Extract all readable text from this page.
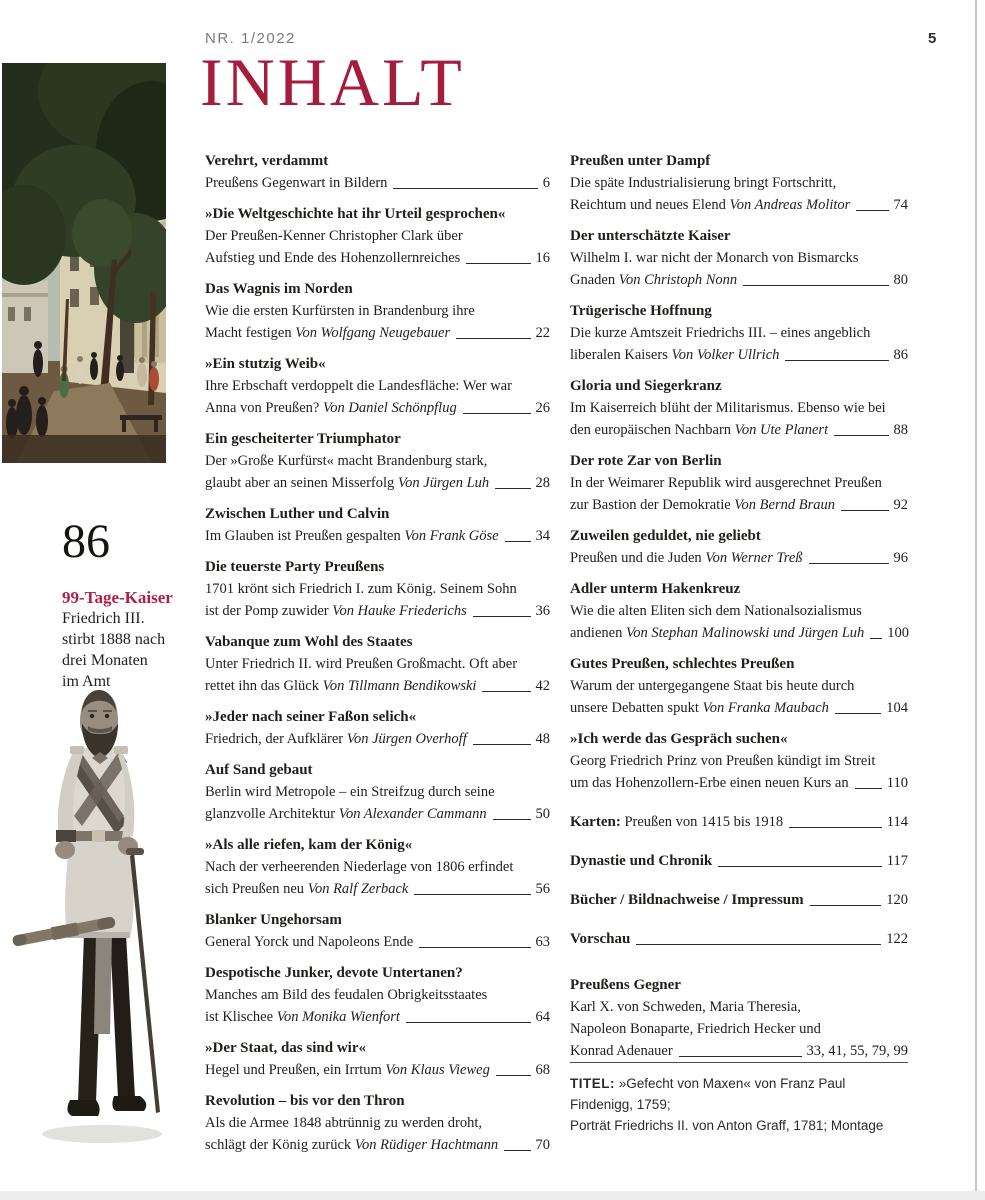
NR. 1/2022	5
INHALT
86
99-Tage-Kaiser
Friedrich III.
stirbt 1888 nach
drei Monaten
im Amt
Verehrt, verdammt
Preußens Gegenwart in Bildern	6
»Die Weltgeschichte hat ihr Urteil gesprochen«
Der Preußen-Kenner Christopher Clark über
Aufstieg und Ende des Hohenzollernreiches	16
Das Wagnis im Norden
Wie die ersten Kurfürsten in Brandenburg ihre
Macht festigen Von Wolfgang Neugebauer	22
»Ein stutzig Weib«
Ihre Erbschaft verdoppelt die Landesfläche: Wer war
Anna von Preußen? Von Daniel Schönpflug	26
Ein gescheiterter Triumphator
Der »Große Kurfürst« macht Brandenburg stark,
glaubt aber an seinen Misserfolg Von Jürgen Luh	28
Zwischen Luther und Calvin
Im Glauben ist Preußen gespalten Von Frank Göse	34
Die teuerste Party Preußens
1701 krönt sich Friedrich I. zum König. Seinem Sohn
ist der Pomp zuwider Von Hauke Friederichs	36
Vabanque zum Wohl des Staates
Unter Friedrich II. wird Preußen Großmacht. Oft aber
rettet ihn das Glück Von Tillmann Bendikowski	42
»Jeder nach seiner Faßon selich«
Friedrich, der Aufklärer Von Jürgen Overhoff	48
Auf Sand gebaut
Berlin wird Metropole – ein Streifzug durch seine
glanzvolle Architektur Von Alexander Cammann	50
»Als alle riefen, kam der König«
Nach der verheerenden Niederlage von 1806 erfindet
sich Preußen neu Von Ralf Zerback	56
Blanker Ungehorsam
General Yorck und Napoleons Ende	63
Despotische Junker, devote Untertanen?
Manches am Bild des feudalen Obrigkeitsstaates
ist Klischee Von Monika Wienfort	64
»Der Staat, das sind wir«
Hegel und Preußen, ein Irrtum Von Klaus Vieweg	68
Revolution – bis vor den Thron
Als die Armee 1848 abtrünnig zu werden droht,
schlägt der König zurück Von Rüdiger Hachtmann	70
Preußen unter Dampf
Die späte Industrialisierung bringt Fortschritt,
Reichtum und neues Elend Von Andreas Molitor	74
Der unterschätzte Kaiser
Wilhelm I. war nicht der Monarch von Bismarcks
Gnaden Von Christoph Nonn	80
Trügerische Hoffnung
Die kurze Amtszeit Friedrichs III. – eines angeblich
liberalen Kaisers Von Volker Ullrich	86
Gloria und Siegerkranz
Im Kaiserreich blüht der Militarismus. Ebenso wie bei
den europäischen Nachbarn Von Ute Planert	88
Der rote Zar von Berlin
In der Weimarer Republik wird ausgerechnet Preußen
zur Bastion der Demokratie Von Bernd Braun	92
Zuweilen geduldet, nie geliebt
Preußen und die Juden Von Werner Treß	96
Adler unterm Hakenkreuz
Wie die alten Eliten sich dem Nationalsozialismus
andienen Von Stephan Malinowski und Jürgen Luh 100
Gutes Preußen, schlechtes Preußen
Warum der untergegangene Staat bis heute durch
unsere Debatten spukt Von Franka Maubach	104
»Ich werde das Gespräch suchen«
Georg Friedrich Prinz von Preußen kündigt im Streit
um das Hohenzollern-Erbe einen neuen Kurs an	110
Karten: Preußen von 1415 bis 1918	114
Dynastie und Chronik	117
Bücher / Bildnachweise / Impressum	120
Vorschau	122
Preußens Gegner
Karl X. von Schweden, Maria Theresia,
Napoleon Bonaparte, Friedrich Hecker und
Konrad Adenauer	33, 41, 55, 79, 99
TITEL: »Gefecht von Maxen« von Franz Paul Findenigg, 1759;
Porträt Friedrichs II. von Anton Graff, 1781; Montage
